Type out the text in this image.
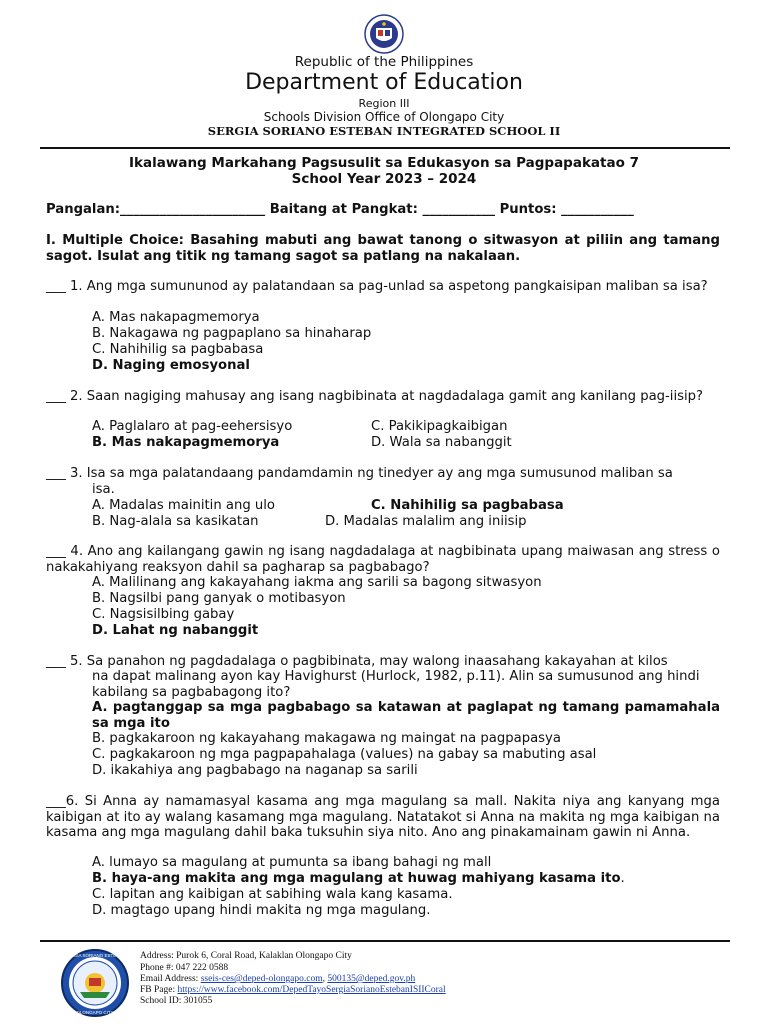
Republic of the Philippines
Department of Education
Region III
Schools Division Office of Olongapo City
SERGIA SORIANO ESTEBAN INTEGRATED SCHOOL II
Ikalawang Markahang Pagsusulit sa Edukasyon sa Pagpapakatao 7
School Year 2023 – 2024
Pangalan:______________________ Baitang at Pangkat: ___________ Puntos: ___________
I. Multiple Choice: Basahing mabuti ang bawat tanong o sitwasyon at piliin ang tamang sagot. Isulat ang titik ng tamang sagot sa patlang na nakalaan.
___ 1. Ang mga sumununod ay palatandaan sa pag-unlad sa aspetong pangkaisipan maliban sa isa?
A. Mas nakapagmemorya
B. Nakagawa ng pagpaplano sa hinaharap
C. Nahihilig sa pagbabasa
D. Naging emosyonal
___ 2. Saan nagiging mahusay ang isang nagbibinata at nagdadalaga gamit ang kanilang pag-iisip?
A. Paglalaro at pag-eehersisyo	C. Pakikipagkaibigan
B. Mas nakapagmemorya	D. Wala sa nabanggit
___ 3. Isa sa mga palatandaang pandamdamin ng tinedyer ay ang mga sumusunod maliban sa
isa.
A. Madalas mainitin ang ulo	C. Nahihilig sa pagbabasa
B. Nag-alala sa kasikatan	D. Madalas malalim ang iniisip
___ 4. Ano ang kailangang gawin ng isang nagdadalaga at nagbibinata upang maiwasan ang stress o nakakahiyang reaksyon dahil sa pagharap sa pagbabago?
A. Malilinang ang kakayahang iakma ang sarili sa bagong sitwasyon
B. Nagsilbi pang ganyak o motibasyon
C. Nagsisilbing gabay
D. Lahat ng nabanggit
___ 5. Sa panahon ng pagdadalaga o pagbibinata, may walong inaasahang kakayahan at kilos
na dapat malinang ayon kay Havighurst (Hurlock, 1982, p.11). Alin sa sumusunod ang hindi kabilang sa pagbabagong ito?
A. pagtanggap sa mga pagbabago sa katawan at paglapat ng tamang pamamahala sa mga ito
B. pagkakaroon ng kakayahang makagawa ng maingat na pagpapasya
C. pagkakaroon ng mga pagpapahalaga (values) na gabay sa mabuting asal
D. ikakahiya ang pagbabago na naganap sa sarili
___6. Si Anna ay namamasyal kasama ang mga magulang sa mall. Nakita niya ang kanyang mga kaibigan at ito ay walang kasamang mga magulang. Natatakot si Anna na makita ng mga kaibigan na kasama ang mga magulang dahil baka tuksuhin siya nito. Ano ang pinakamainam gawin ni Anna.
A. lumayo sa magulang at pumunta sa ibang bahagi ng mall
B. haya-ang makita ang mga magulang at huwag mahiyang kasama ito.
C. lapitan ang kaibigan at sabihing wala kang kasama.
D. magtago upang hindi makita ng mga magulang.
SERGIA SORIANO ESTEBAN
OLONGAPO CITY
Address: Purok 6, Coral Road, Kalaklan Olongapo City
Phone #: 047 222 0588
Email Address: sseis-ces@deped-olongapo.com, 500135@deped.gov.ph
FB Page: https://www.facebook.com/DepedTayoSergiaSorianoEstebanISIICoral
School ID: 301055
